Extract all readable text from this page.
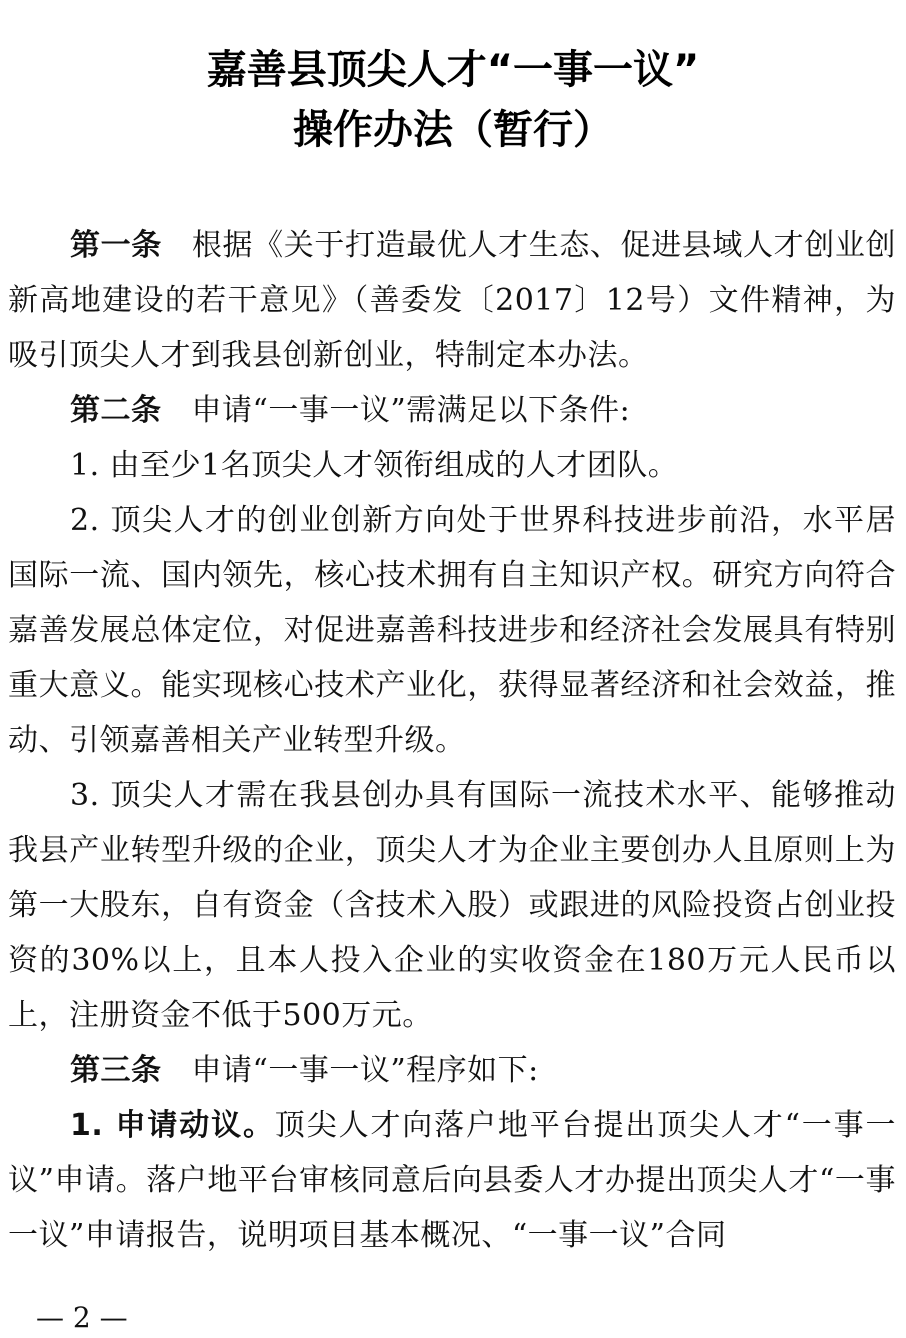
嘉善县顶尖人才“一事一议”
操作办法（暂行）

第一条 根据《关于打造最优人才生态、促进县域人才创业创新高地建设的若干意见》（善委发〔2017〕12号）文件精神，为吸引顶尖人才到我县创新创业，特制定本办法。

第二条 申请“一事一议”需满足以下条件:

1. 由至少1名顶尖人才领衔组成的人才团队。

2. 顶尖人才的创业创新方向处于世界科技进步前沿，水平居国际一流、国内领先，核心技术拥有自主知识产权。研究方向符合嘉善发展总体定位，对促进嘉善科技进步和经济社会发展具有特别重大意义。能实现核心技术产业化，获得显著经济和社会效益，推动、引领嘉善相关产业转型升级。

3. 顶尖人才需在我县创办具有国际一流技术水平、能够推动我县产业转型升级的企业，顶尖人才为企业主要创办人且原则上为第一大股东，自有资金（含技术入股）或跟进的风险投资占创业投资的30%以上，且本人投入企业的实收资金在180万元人民币以上，注册资金不低于500万元。

第三条 申请“一事一议”程序如下:

1. 申请动议。顶尖人才向落户地平台提出顶尖人才“一事一议”申请。落户地平台审核同意后向县委人才办提出顶尖人才“一事一议”申请报告，说明项目基本概况、“一事一议”合同

— 2 —
